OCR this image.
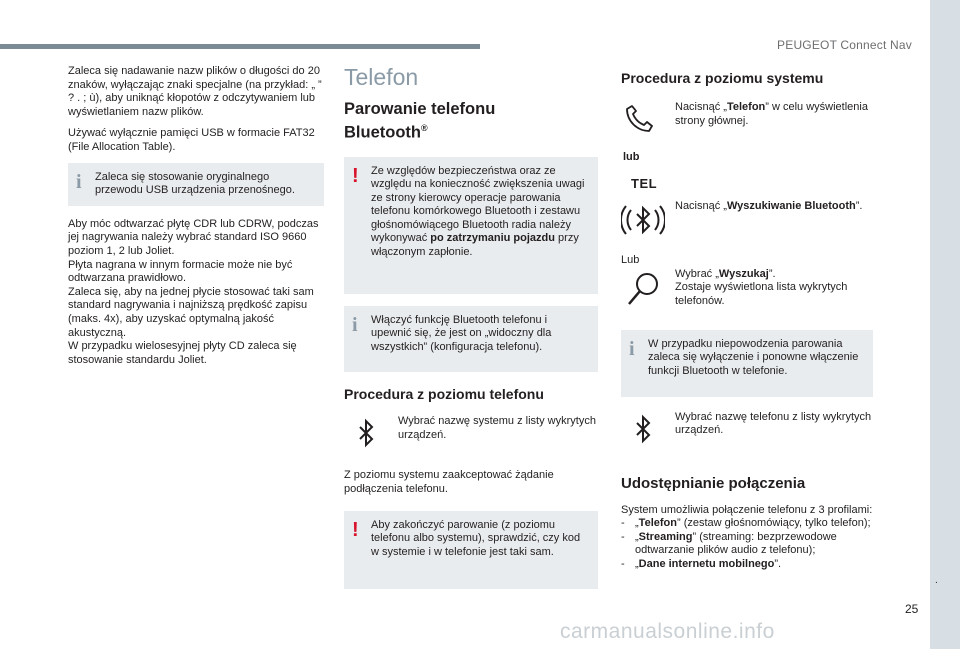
PEUGEOT Connect Nav
.
25
carmanualsonline.info

Zaleca się nadawanie nazw plików o długości do 20 znaków, wyłączając znaki specjalne (na przykład: „ ” ? . ; ù), aby uniknąć kłopotów z odczytywaniem lub wyświetlaniem nazw plików.

Używać wyłącznie pamięci USB w formacie FAT32 (File Allocation Table).

i	Zaleca się stosowanie oryginalnego przewodu USB urządzenia przenośnego.

Aby móc odtwarzać płytę CDR lub CDRW, podczas jej nagrywania należy wybrać standard ISO 9660 poziom 1, 2 lub Joliet.
Płyta nagrana w innym formacie może nie być odtwarzana prawidłowo.
Zaleca się, aby na jednej płycie stosować taki sam standard nagrywania i najniższą prędkość zapisu (maks. 4x), aby uzyskać optymalną jakość akustyczną.
W przypadku wielosesyjnej płyty CD zaleca się stosowanie standardu Joliet.

Telefon
Parowanie telefonu
Bluetooth®
!	Ze względów bezpieczeństwa oraz ze względu na konieczność zwiększenia uwagi ze strony kierowcy operacje parowania telefonu komórkowego Bluetooth i zestawu głośnomówiącego Bluetooth radia należy wykonywać po zatrzymaniu pojazdu przy włączonym zapłonie.
i	Włączyć funkcję Bluetooth telefonu i upewnić się, że jest on „widoczny dla wszystkich” (konfiguracja telefonu).
Procedura z poziomu telefonu
Wybrać nazwę systemu z listy wykrytych urządzeń.

Z poziomu systemu zaakceptować żądanie podłączenia telefonu.

!	Aby zakończyć parowanie (z poziomu telefonu albo systemu), sprawdzić, czy kod w systemie i w telefonie jest taki sam.
Procedura z poziomu systemu
Nacisnąć „Telefon” w celu wyświetlenia strony głównej.
lub
TEL
Nacisnąć „Wyszukiwanie Bluetooth”.
Lub
Wybrać „Wyszukaj”.
Zostaje wyświetlona lista wykrytych telefonów.
i	W przypadku niepowodzenia parowania zaleca się wyłączenie i ponowne włączenie funkcji Bluetooth w telefonie.
Wybrać nazwę telefonu z listy wykrytych urządzeń.
Udostępnianie połączenia

System umożliwia połączenie telefonu z 3 profilami:

- „Telefon” (zestaw głośnomówiący, tylko telefon);
- „Streaming” (streaming: bezprzewodowe odtwarzanie plików audio z telefonu);
- „Dane internetu mobilnego”.
